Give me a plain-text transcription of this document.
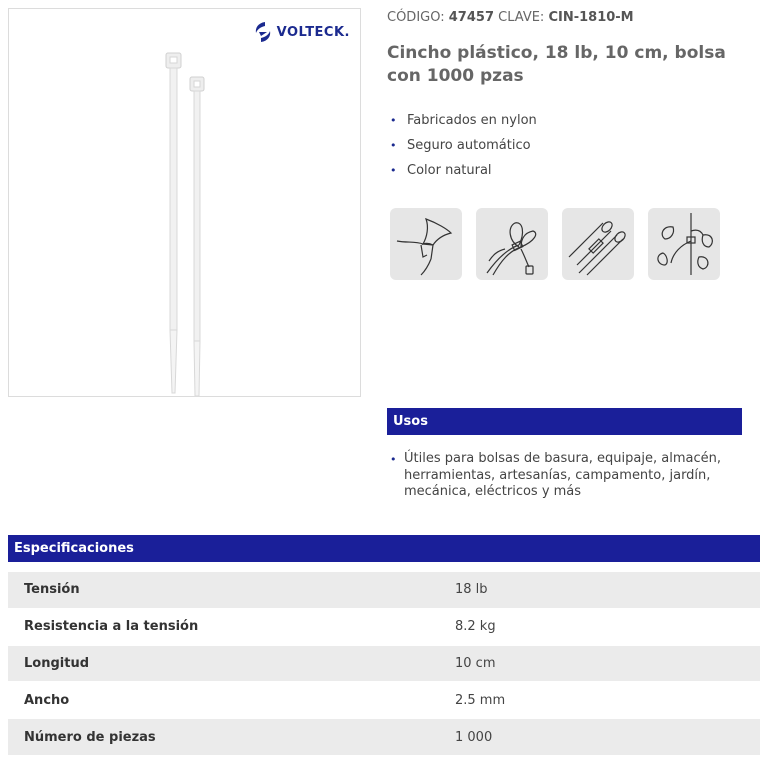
VOLTECK.
CÓDIGO: 47457 CLAVE: CIN-1810-M
Cincho plástico, 18 lb, 10 cm, bolsa con 1000 pzas
• Fabricados en nylon
• Seguro automático
• Color natural
Usos
• Útiles para bolsas de basura, equipaje, almacén, herramientas, artesanías, campamento, jardín, mecánica, eléctricos y más
Especificaciones
Tensión	18 lb
Resistencia a la tensión	8.2 kg
Longitud	10 cm
Ancho	2.5 mm
Número de piezas	1 000
